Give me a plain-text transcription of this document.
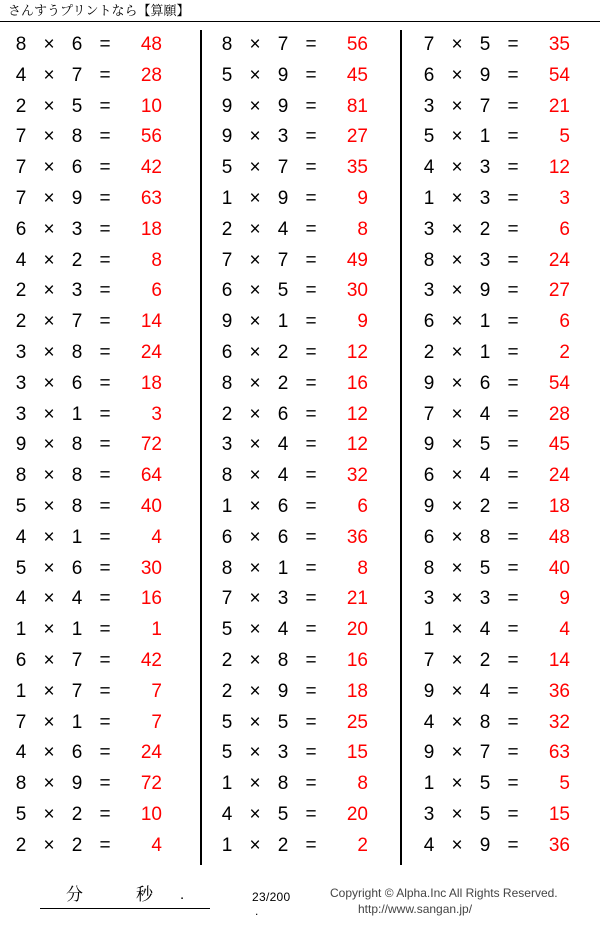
さんすうプリントなら【算願】
8 × 6 =	48
4 × 7 =	28
2 × 5 =	10
7 × 8 =	56
7 × 6 =	42
7 × 9 =	63
6 × 3 =	18
4 × 2 =	8
2 × 3 =	6
2 × 7 =	14
3 × 8 =	24
3 × 6 =	18
3 × 1 =	3
9 × 8 =	72
8 × 8 =	64
5 × 8 =	40
4 × 1 =	4
5 × 6 =	30
4 × 4 =	16
1 × 1 =	1
6 × 7 =	42
1 × 7 =	7
7 × 1 =	7
4 × 6 =	24
8 × 9 =	72
5 × 2 =	10
2 × 2 =	4
8 × 7 =	56
5 × 9 =	45
9 × 9 =	81
9 × 3 =	27
5 × 7 =	35
1 × 9 =	9
2 × 4 =	8
7 × 7 =	49
6 × 5 =	30
9 × 1 =	9
6 × 2 =	12
8 × 2 =	16
2 × 6 =	12
3 × 4 =	12
8 × 4 =	32
1 × 6 =	6
6 × 6 =	36
8 × 1 =	8
7 × 3 =	21
5 × 4 =	20
2 × 8 =	16
2 × 9 =	18
5 × 5 =	25
5 × 3 =	15
1 × 8 =	8
4 × 5 =	20
1 × 2 =	2
7 × 5 =	35
6 × 9 =	54
3 × 7 =	21
5 × 1 =	5
4 × 3 =	12
1 × 3 =	3
3 × 2 =	6
8 × 3 =	24
3 × 9 =	27
6 × 1 =	6
2 × 1 =	2
9 × 6 =	54
7 × 4 =	28
9 × 5 =	45
6 × 4 =	24
9 × 2 =	18
6 × 8 =	48
8 × 5 =	40
3 × 3 =	9
1 × 4 =	4
7 × 2 =	14
9 × 4 =	36
4 × 8 =	32
9 × 7 =	63
1 × 5 =	5
3 × 5 =	15
4 × 9 =	36
分	秒 .	23/200
.
Copyright © Alpha.Inc All Rights Reserved.
http://www.sangan.jp/
